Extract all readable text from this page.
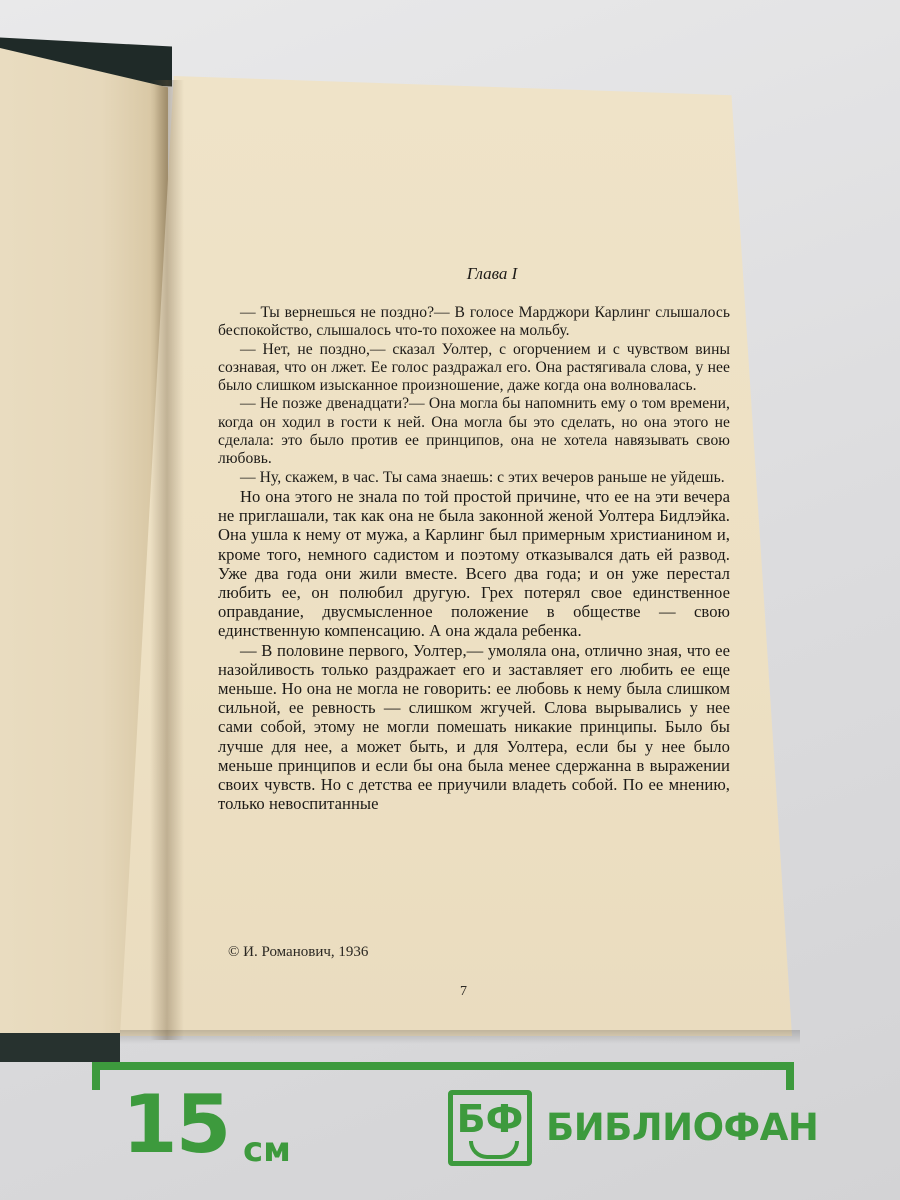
Глава I

— Ты вернешься не поздно?— В голосе Марджори Карлинг слышалось беспокойство, слышалось что-то похожее на мольбу.

— Нет, не поздно,— сказал Уолтер, с огорчением и с чувством вины сознавая, что он лжет. Ее голос раздражал его. Она растягивала слова, у нее было слишком изысканное произношение, даже когда она волновалась.

— Не позже двенадцати?— Она могла бы напомнить ему о том времени, когда он ходил в гости к ней. Она могла бы это сделать, но она этого не сделала: это было против ее принципов, она не хотела навязывать свою любовь.

— Ну, скажем, в час. Ты сама знаешь: с этих вечеров раньше не уйдешь.

Но она этого не знала по той простой причине, что ее на эти вечера не приглашали, так как она не была законной женой Уолтера Бидлэйка. Она ушла к нему от мужа, а Карлинг был примерным христианином и, кроме того, немного садистом и поэтому отказывался дать ей развод. Уже два года они жили вместе. Всего два года; и он уже перестал любить ее, он полюбил другую. Грех потерял свое единственное оправдание, двусмысленное положение в обществе — свою единственную компенсацию. А она ждала ребенка.

— В половине первого, Уолтер,— умоляла она, отлично зная, что ее назойливость только раздражает его и заставляет его любить ее еще меньше. Но она не могла не говорить: ее любовь к нему была слишком сильной, ее ревность — слишком жгучей. Слова вырывались у нее сами собой, этому не могли помешать никакие принципы. Было бы лучше для нее, а может быть, и для Уолтера, если бы у нее было меньше принципов и если бы она была менее сдержанна в выражении своих чувств. Но с детства ее приучили владеть собой. По ее мнению, только невоспитанные

© И. Романович, 1936
7
15 см
БФ БИБЛИОФАН
